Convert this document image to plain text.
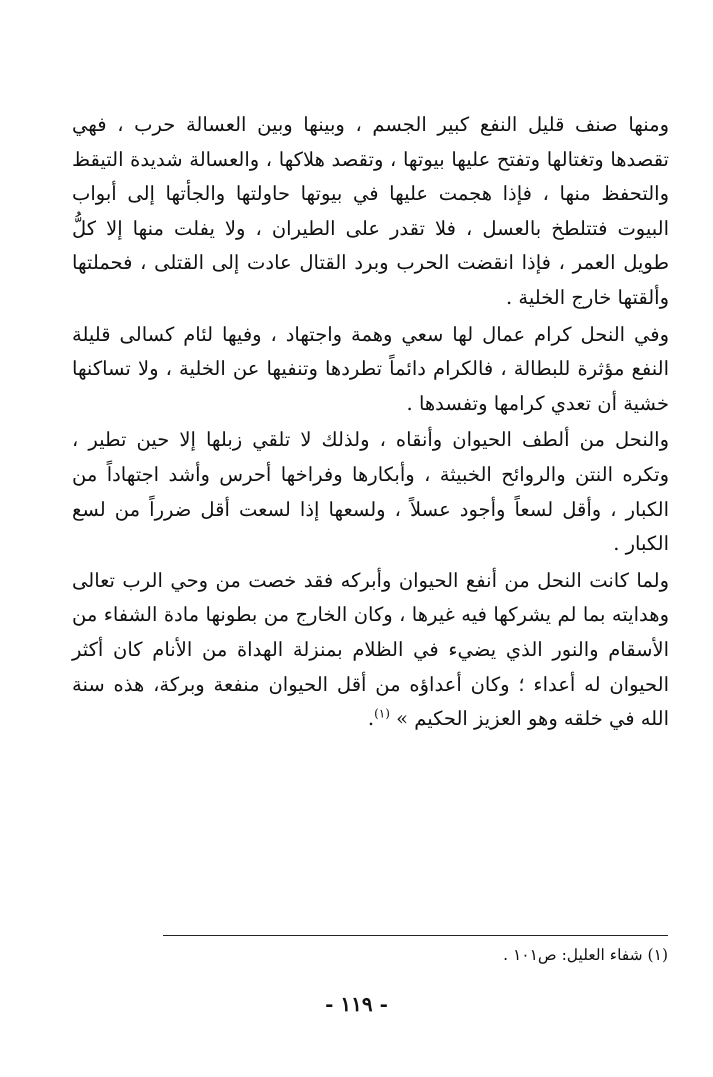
ومنها صنف قليل النفع كبير الجسم ، وبينها وبين العسالة حرب ، فهي تقصدها وتغتالها وتفتح عليها بيوتها ، وتقصد هلاكها ، والعسالة شديدة التيقظ والتحفظ منها ، فإذا هجمت عليها في بيوتها حاولتها والجأتها إلى أبواب البيوت فتتلطخ بالعسل ، فلا تقدر على الطيران ، ولا يفلت منها إلا كلُّ طويل العمر ، فإذا انقضت الحرب وبرد القتال عادت إلى القتلى ، فحملتها وألقتها خارج الخلية .

وفي النحل كرام عمال لها سعي وهمة واجتهاد ، وفيها لئام كسالى قليلة النفع مؤثرة للبطالة ، فالكرام دائماً تطردها وتنفيها عن الخلية ، ولا تساكنها خشية أن تعدي كرامها وتفسدها .

والنحل من ألطف الحيوان وأنقاه ، ولذلك لا تلقي زبلها إلا حين تطير ، وتكره النتن والروائح الخبيثة ، وأبكارها وفراخها أحرس وأشد اجتهاداً من الكبار ، وأقل لسعاً وأجود عسلاً ، ولسعها إذا لسعت أقل ضرراً من لسع الكبار .

ولما كانت النحل من أنفع الحيوان وأبركه فقد خصت من وحي الرب تعالى وهدايته بما لم يشركها فيه غيرها ، وكان الخارج من بطونها مادة الشفاء من الأسقام والنور الذي يضيء في الظلام بمنزلة الهداة من الأنام كان أكثر الحيوان له أعداء ؛ وكان أعداؤه من أقل الحيوان منفعة وبركة، هذه سنة الله في خلقه وهو العزيز الحكيم » $^{(١)}$.

(١) شفاء العليل: ص١٠١ .
- ١١٩ -
